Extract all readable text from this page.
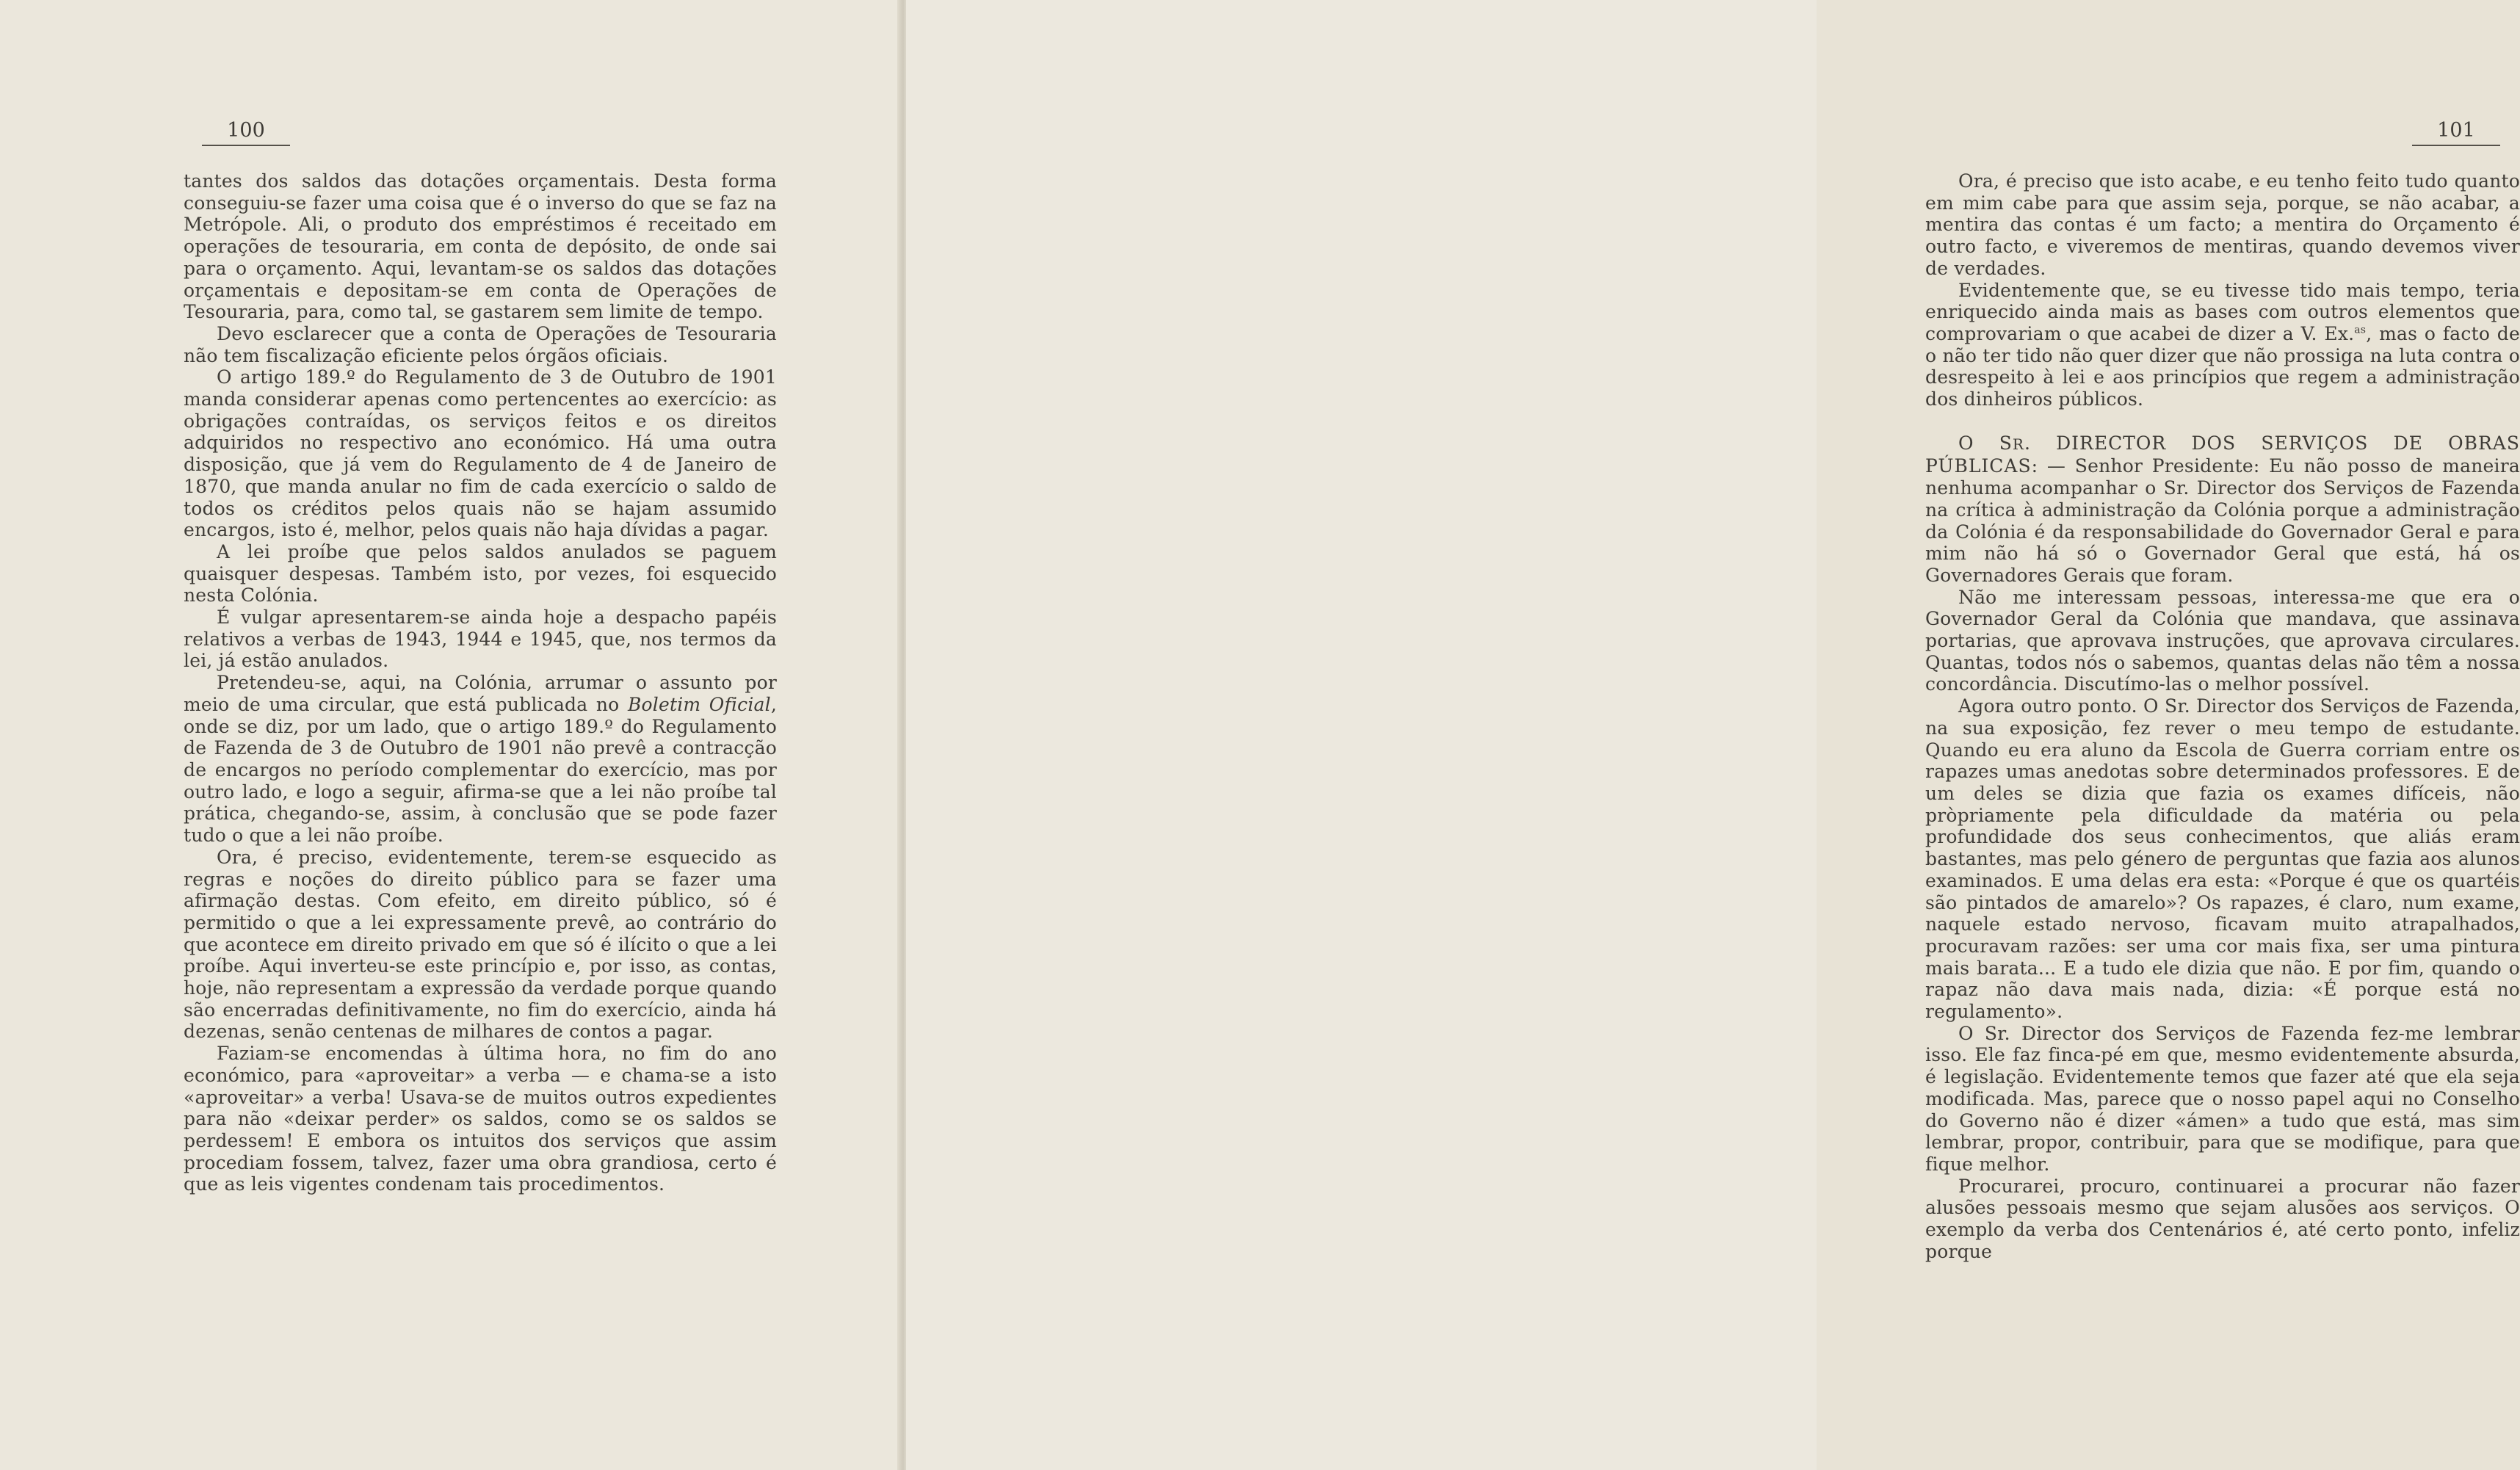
100

tantes dos saldos das dotações orçamentais. Desta forma conseguiu-se fazer uma coisa que é o inverso do que se faz na Metrópole. Ali, o produto dos empréstimos é receitado em operações de tesouraria, em conta de depósito, de onde sai para o orçamento. Aqui, levantam-se os saldos das dotações orçamentais e depositam-se em conta de Operações de Tesouraria, para, como tal, se gastarem sem limite de tempo.

Devo esclarecer que a conta de Operações de Tesouraria não tem fiscalização eficiente pelos órgãos oficiais.

O artigo 189.º do Regulamento de 3 de Outubro de 1901 manda considerar apenas como pertencentes ao exercício: as obrigações contraídas, os serviços feitos e os direitos adquiridos no respectivo ano económico. Há uma outra disposição, que já vem do Regulamento de 4 de Janeiro de 1870, que manda anular no fim de cada exercício o saldo de todos os créditos pelos quais não se hajam assumido encargos, isto é, melhor, pelos quais não haja dívidas a pagar.

A lei proíbe que pelos saldos anulados se paguem quaisquer despesas. Também isto, por vezes, foi esquecido nesta Colónia.

É vulgar apresentarem-se ainda hoje a despacho papéis relativos a verbas de 1943, 1944 e 1945, que, nos termos da lei, já estão anulados.

Pretendeu-se, aqui, na Colónia, arrumar o assunto por meio de uma circular, que está publicada no Boletim Oficial, onde se diz, por um lado, que o artigo 189.º do Regulamento de Fazenda de 3 de Outubro de 1901 não prevê a contracção de encargos no período complementar do exercício, mas por outro lado, e logo a seguir, afirma-se que a lei não proíbe tal prática, chegando-se, assim, à conclusão que se pode fazer tudo o que a lei não proíbe.

Ora, é preciso, evidentemente, terem-se esquecido as regras e noções do direito público para se fazer uma afirmação destas. Com efeito, em direito público, só é permitido o que a lei expressamente prevê, ao contrário do que acontece em direito privado em que só é ilícito o que a lei proíbe. Aqui inverteu-se este princípio e, por isso, as contas, hoje, não representam a expressão da verdade porque quando são encerradas definitivamente, no fim do exercício, ainda há dezenas, senão centenas de milhares de contos a pagar.

Faziam-se encomendas à última hora, no fim do ano económico, para «aproveitar» a verba — e chama-se a isto «aproveitar» a verba! Usava-se de muitos outros expedientes para não «deixar perder» os saldos, como se os saldos se perdessem! E embora os intuitos dos serviços que assim procediam fossem, talvez, fazer uma obra grandiosa, certo é que as leis vigentes condenam tais procedimentos.

101

Ora, é preciso que isto acabe, e eu tenho feito tudo quanto em mim cabe para que assim seja, porque, se não acabar, a mentira das contas é um facto; a mentira do Orçamento é outro facto, e viveremos de mentiras, quando devemos viver de verdades.

Evidentemente que, se eu tivesse tido mais tempo, teria enriquecido ainda mais as bases com outros elementos que comprovariam o que acabei de dizer a V. Ex.$^{as}$, mas o facto de o não ter tido não quer dizer que não prossiga na luta contra o desrespeito à lei e aos princípios que regem a administração dos dinheiros públicos.

O SR. DIRECTOR DOS SERVIÇOS DE OBRAS PÚBLICAS: — Senhor Presidente: Eu não posso de maneira nenhuma acompanhar o Sr. Director dos Serviços de Fazenda na crítica à administração da Colónia porque a administração da Colónia é da responsabilidade do Governador Geral e para mim não há só o Governador Geral que está, há os Governadores Gerais que foram.

Não me interessam pessoas, interessa-me que era o Governador Geral da Colónia que mandava, que assinava portarias, que aprovava instruções, que aprovava circulares. Quantas, todos nós o sabemos, quantas delas não têm a nossa concordância. Discutímo-las o melhor possível.

Agora outro ponto. O Sr. Director dos Serviços de Fazenda, na sua exposição, fez rever o meu tempo de estudante. Quando eu era aluno da Escola de Guerra corriam entre os rapazes umas anedotas sobre determinados professores. E de um deles se dizia que fazia os exames difíceis, não pròpriamente pela dificuldade da matéria ou pela profundidade dos seus conhecimentos, que aliás eram bastantes, mas pelo género de perguntas que fazia aos alunos examinados. E uma delas era esta: «Porque é que os quartéis são pintados de amarelo»? Os rapazes, é claro, num exame, naquele estado nervoso, ficavam muito atrapalhados, procuravam razões: ser uma cor mais fixa, ser uma pintura mais barata... E a tudo ele dizia que não. E por fim, quando o rapaz não dava mais nada, dizia: «É porque está no regulamento».

O Sr. Director dos Serviços de Fazenda fez-me lembrar isso. Ele faz finca-pé em que, mesmo evidentemente absurda, é legislação. Evidentemente temos que fazer até que ela seja modificada. Mas, parece que o nosso papel aqui no Conselho do Governo não é dizer «ámen» a tudo que está, mas sim lembrar, propor, contribuir, para que se modifique, para que fique melhor.

Procurarei, procuro, continuarei a procurar não fazer alusões pessoais mesmo que sejam alusões aos serviços. O exemplo da verba dos Centenários é, até certo ponto, infeliz porque
